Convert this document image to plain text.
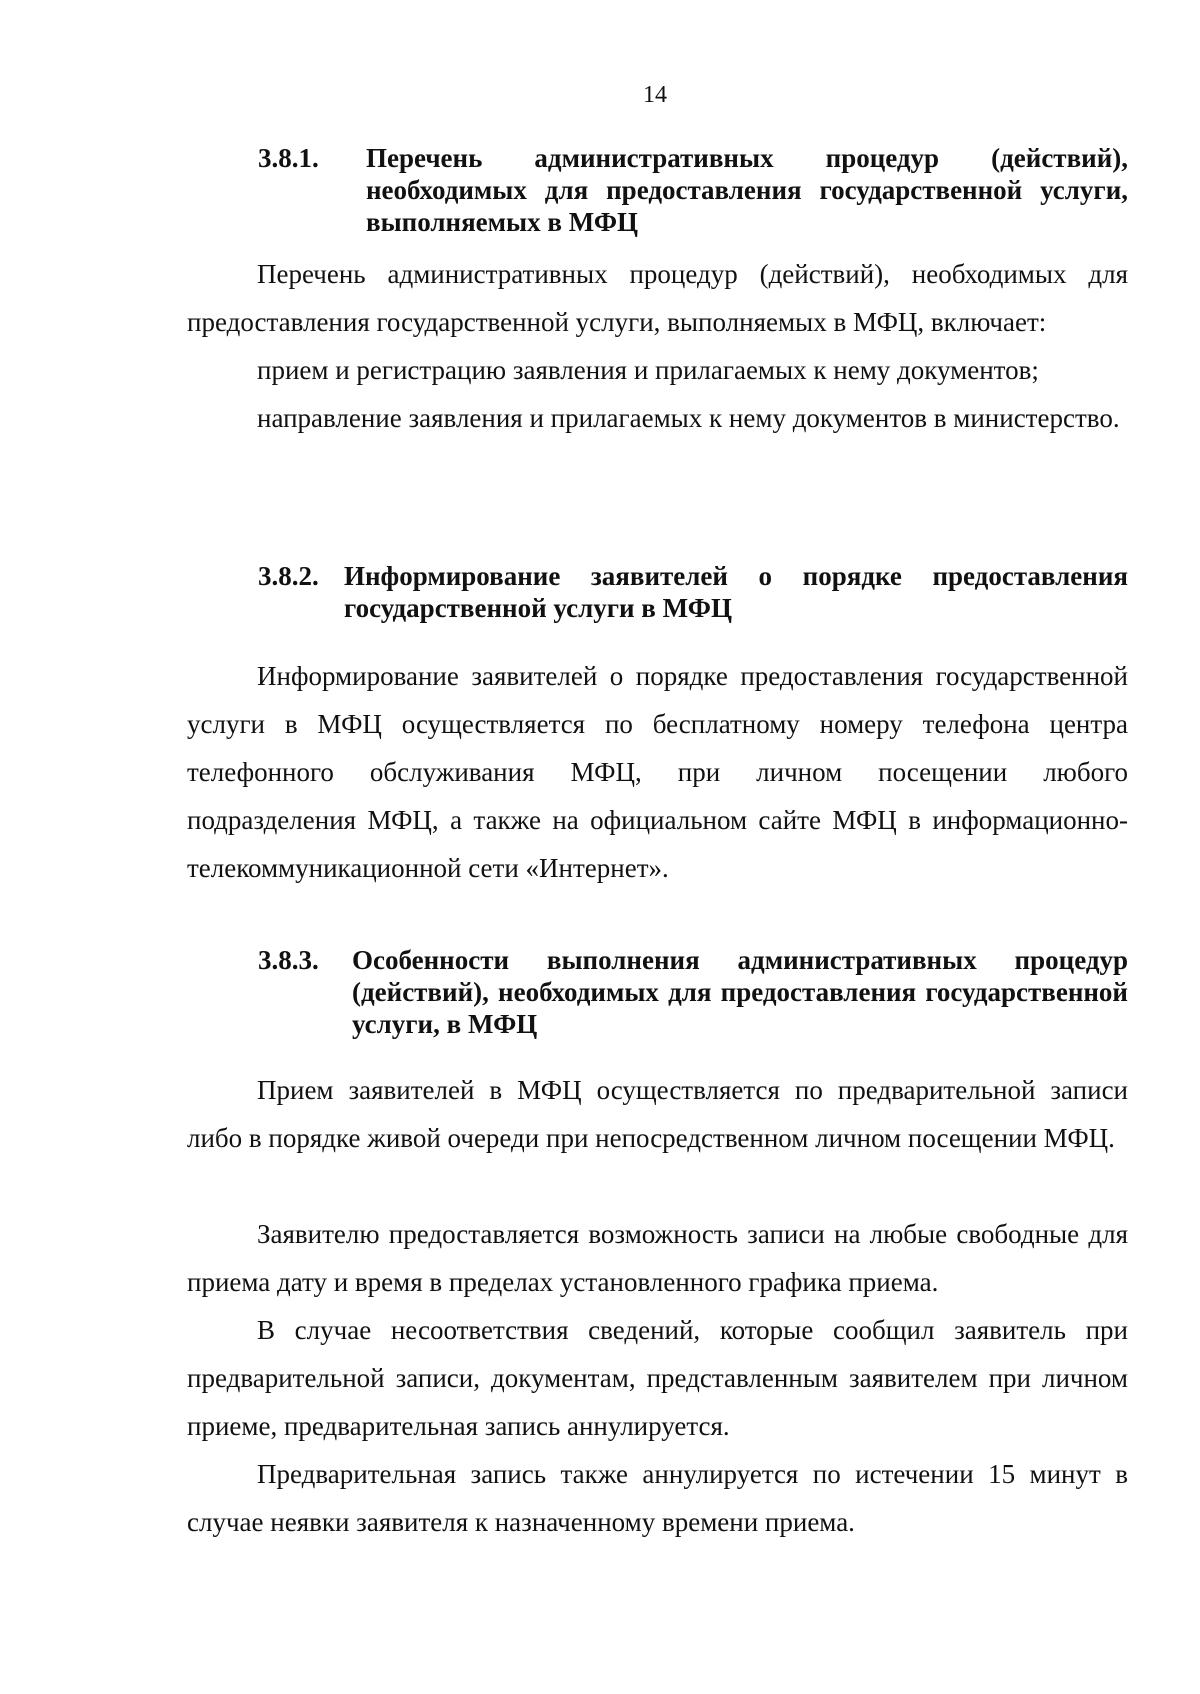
14
3.8.1. Перечень административных процедур (действий), необходимых для предоставления государственной услуги, выполняемых в МФЦ

Перечень административных процедур (действий), необходимых для предоставления государственной услуги, выполняемых в МФЦ, включает:

прием и регистрацию заявления и прилагаемых к нему документов;

направление заявления и прилагаемых к нему документов в министерство.

3.8.2. Информирование заявителей о порядке предоставления государственной услуги в МФЦ

Информирование заявителей о порядке предоставления государственной услуги в МФЦ осуществляется по бесплатному номеру телефона центра телефонного обслуживания МФЦ, при личном посещении любого подразделения МФЦ, а также на официальном сайте МФЦ в информационно-телекоммуникационной сети «Интернет».

3.8.3. Особенности выполнения административных процедур (действий), необходимых для предоставления государственной услуги, в МФЦ

Прием заявителей в МФЦ осуществляется по предварительной записи либо в порядке живой очереди при непосредственном личном посещении МФЦ.

Заявителю предоставляется возможность записи на любые свободные для приема дату и время в пределах установленного графика приема.

В случае несоответствия сведений, которые сообщил заявитель при предварительной записи, документам, представленным заявителем при личном приеме, предварительная запись аннулируется.

Предварительная запись также аннулируется по истечении 15 минут в случае неявки заявителя к назначенному времени приема.
